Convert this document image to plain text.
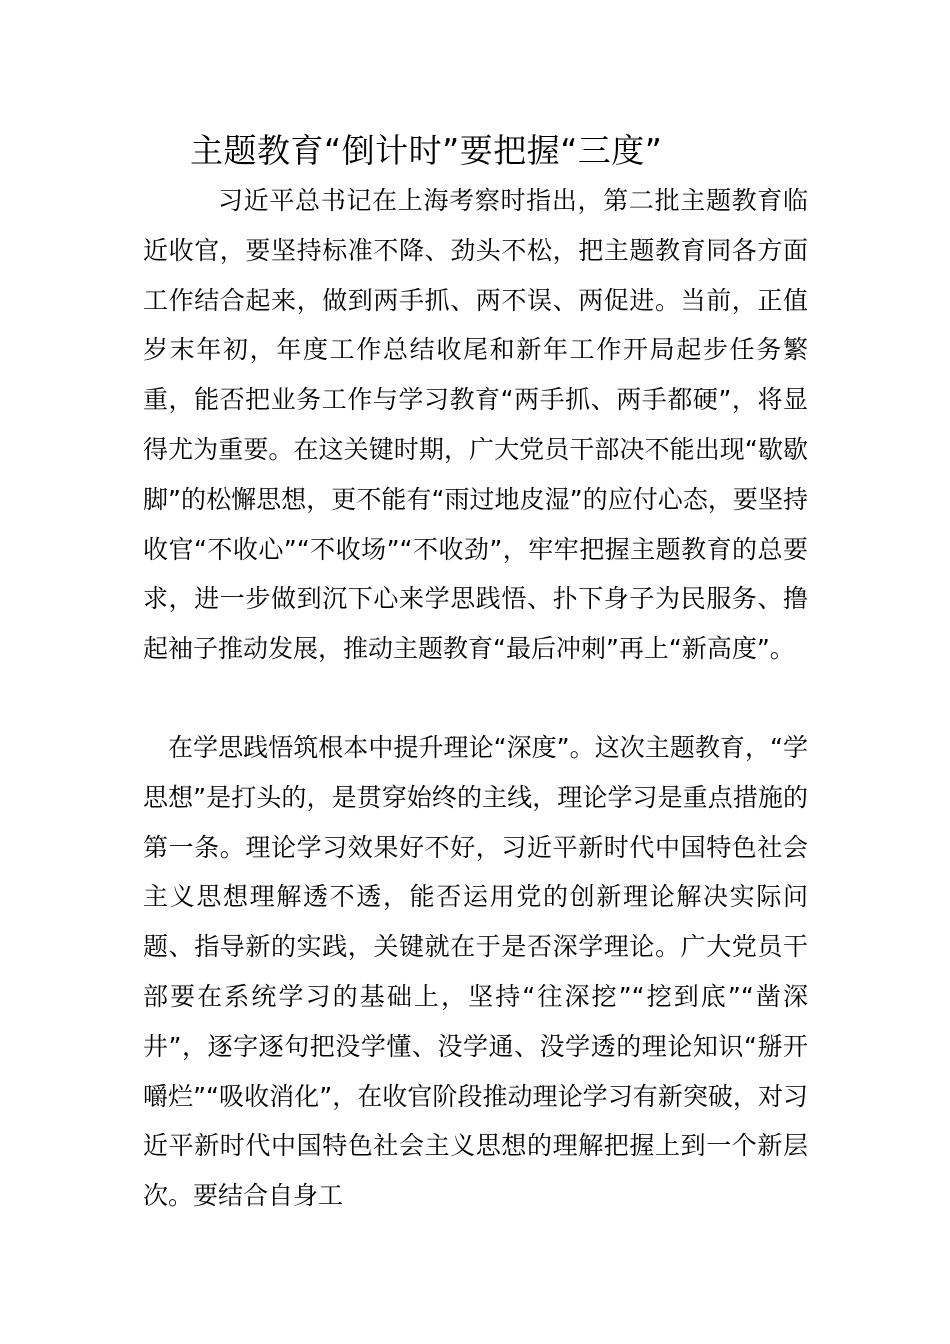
主题教育“倒计时”要把握“三度”

习近平总书记在上海考察时指出，第二批主题教育临近收官，要坚持标准不降、劲头不松，把主题教育同各方面工作结合起来，做到两手抓、两不误、两促进。当前，正值岁末年初，年度工作总结收尾和新年工作开局起步任务繁重，能否把业务工作与学习教育“两手抓、两手都硬”，将显得尤为重要。在这关键时期，广大党员干部决不能出现“歇歇脚”的松懈思想，更不能有“雨过地皮湿”的应付心态，要坚持收官“不收心”“不收场”“不收劲”，牢牢把握主题教育的总要求，进一步做到沉下心来学思践悟、扑下身子为民服务、撸起袖子推动发展，推动主题教育“最后冲刺”再上“新高度”。

在学思践悟筑根本中提升理论“深度”。这次主题教育，“学思想”是打头的，是贯穿始终的主线，理论学习是重点措施的第一条。理论学习效果好不好，习近平新时代中国特色社会主义思想理解透不透，能否运用党的创新理论解决实际问题、指导新的实践，关键就在于是否深学理论。广大党员干部要在系统学习的基础上，坚持“往深挖”“挖到底”“凿深井”，逐字逐句把没学懂、没学通、没学透的理论知识“掰开嚼烂”“吸收消化”，在收官阶段推动理论学习有新突破，对习近平新时代中国特色社会主义思想的理解把握上到一个新层次。要结合自身工
